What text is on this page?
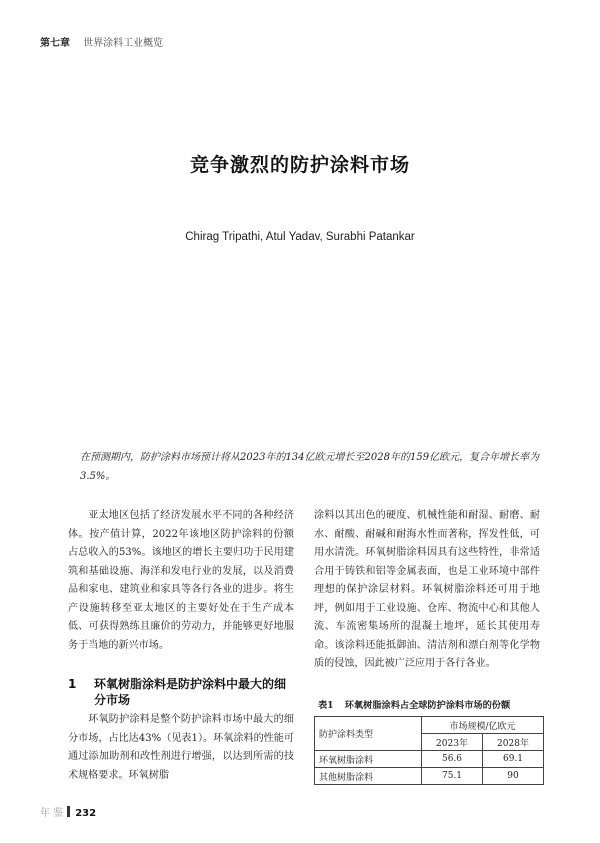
第七章 世界涂料工业概览
竞争激烈的防护涂料市场
Chirag Tripathi, Atul Yadav, Surabhi Patankar
在预测期内，防护涂料市场预计将从2023年的134亿欧元增长至2028年的159亿欧元，复合年增长率为3.5%。

亚太地区包括了经济发展水平不同的各种经济体。按产值计算，2022年该地区防护涂料的份额占总收入的53%。该地区的增长主要归功于民用建筑和基础设施、海洋和发电行业的发展，以及消费品和家电、建筑业和家具等各行各业的进步。将生产设施转移至亚太地区的主要好处在于生产成本低、可获得熟练且廉价的劳动力，并能够更好地服务于当地的新兴市场。

1 环氧树脂涂料是防护涂料中最大的细分市场

环氧防护涂料是整个防护涂料市场中最大的细分市场，占比达43%（见表1）。环氧涂料的性能可通过添加助剂和改性剂进行增强，以达到所需的技术规格要求。环氧树脂

涂料以其出色的硬度、机械性能和耐湿、耐磨、耐水、耐酸、耐碱和耐海水性而著称，挥发性低，可用水清洗。环氧树脂涂料因具有这些特性，非常适合用于铸铁和铝等金属表面，也是工业环境中部件理想的保护涂层材料。环氧树脂涂料还可用于地坪，例如用于工业设施、仓库、物流中心和其他人流、车流密集场所的混凝土地坪，延长其使用寿命。该涂料还能抵御油、清洁剂和漂白剂等化学物质的侵蚀，因此被广泛应用于各行各业。

表1 环氧树脂涂料占全球防护涂料市场的份额
防护涂料类型	市场规模/亿欧元	
	2023年	2028年
环氧树脂涂料	56.6	69.1
其他树脂涂料	75.1	90
年 鉴 232
